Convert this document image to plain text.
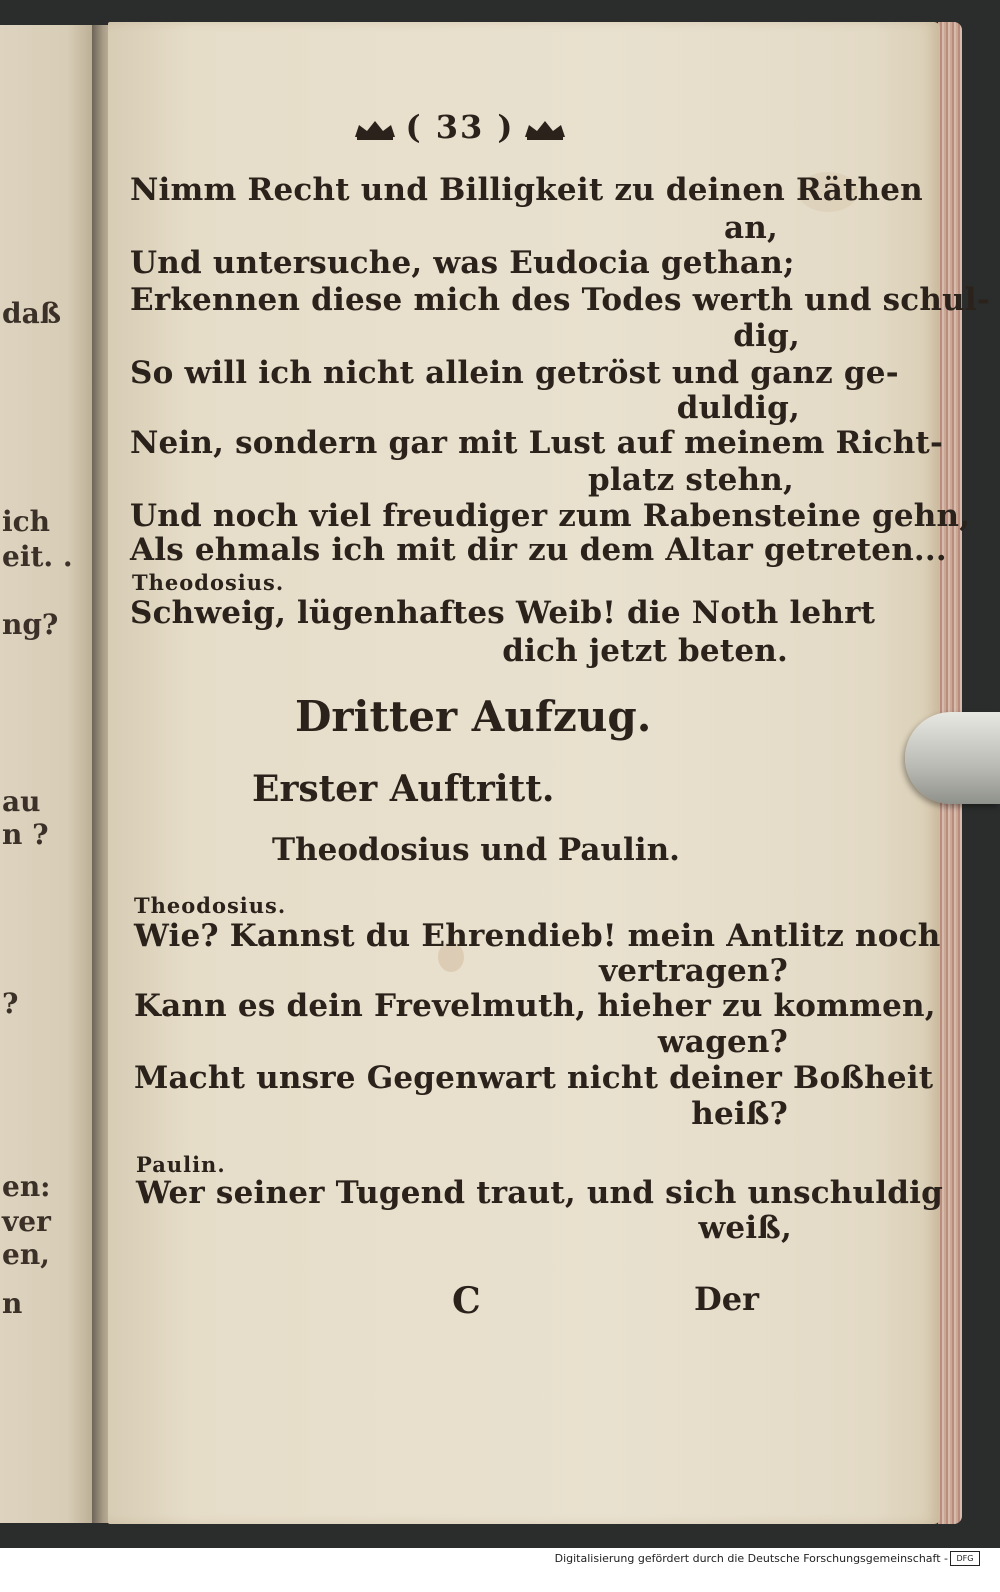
daß
ich
eit. .
ng?
au
n ?
?
en:
ver
en,
n
( 33 )
Nimm Recht und Billigkeit zu deinen Räthen
an,
Und untersuche, was Eudocia gethan;
Erkennen diese mich des Todes werth und schul-
dig,
So will ich nicht allein getröst und ganz ge-
duldig,
Nein, sondern gar mit Lust auf meinem Richt-
platz stehn,
Und noch viel freudiger zum Rabensteine gehn,
Als ehmals ich mit dir zu dem Altar getreten...
Theodosius.
Schweig, lügenhaftes Weib! die Noth lehrt
dich jetzt beten.
Dritter Aufzug.
Erster Auftritt.
Theodosius und Paulin.
Theodosius.
Wie? Kannst du Ehrendieb! mein Antlitz noch
vertragen?
Kann es dein Frevelmuth, hieher zu kommen,
wagen?
Macht unsre Gegenwart nicht deiner Boßheit
heiß?
Paulin.
Wer seiner Tugend traut, und sich unschuldig
weiß,
C	Der
Digitalisierung gefördert durch die Deutsche Forschungsgemeinschaft -	DFG
